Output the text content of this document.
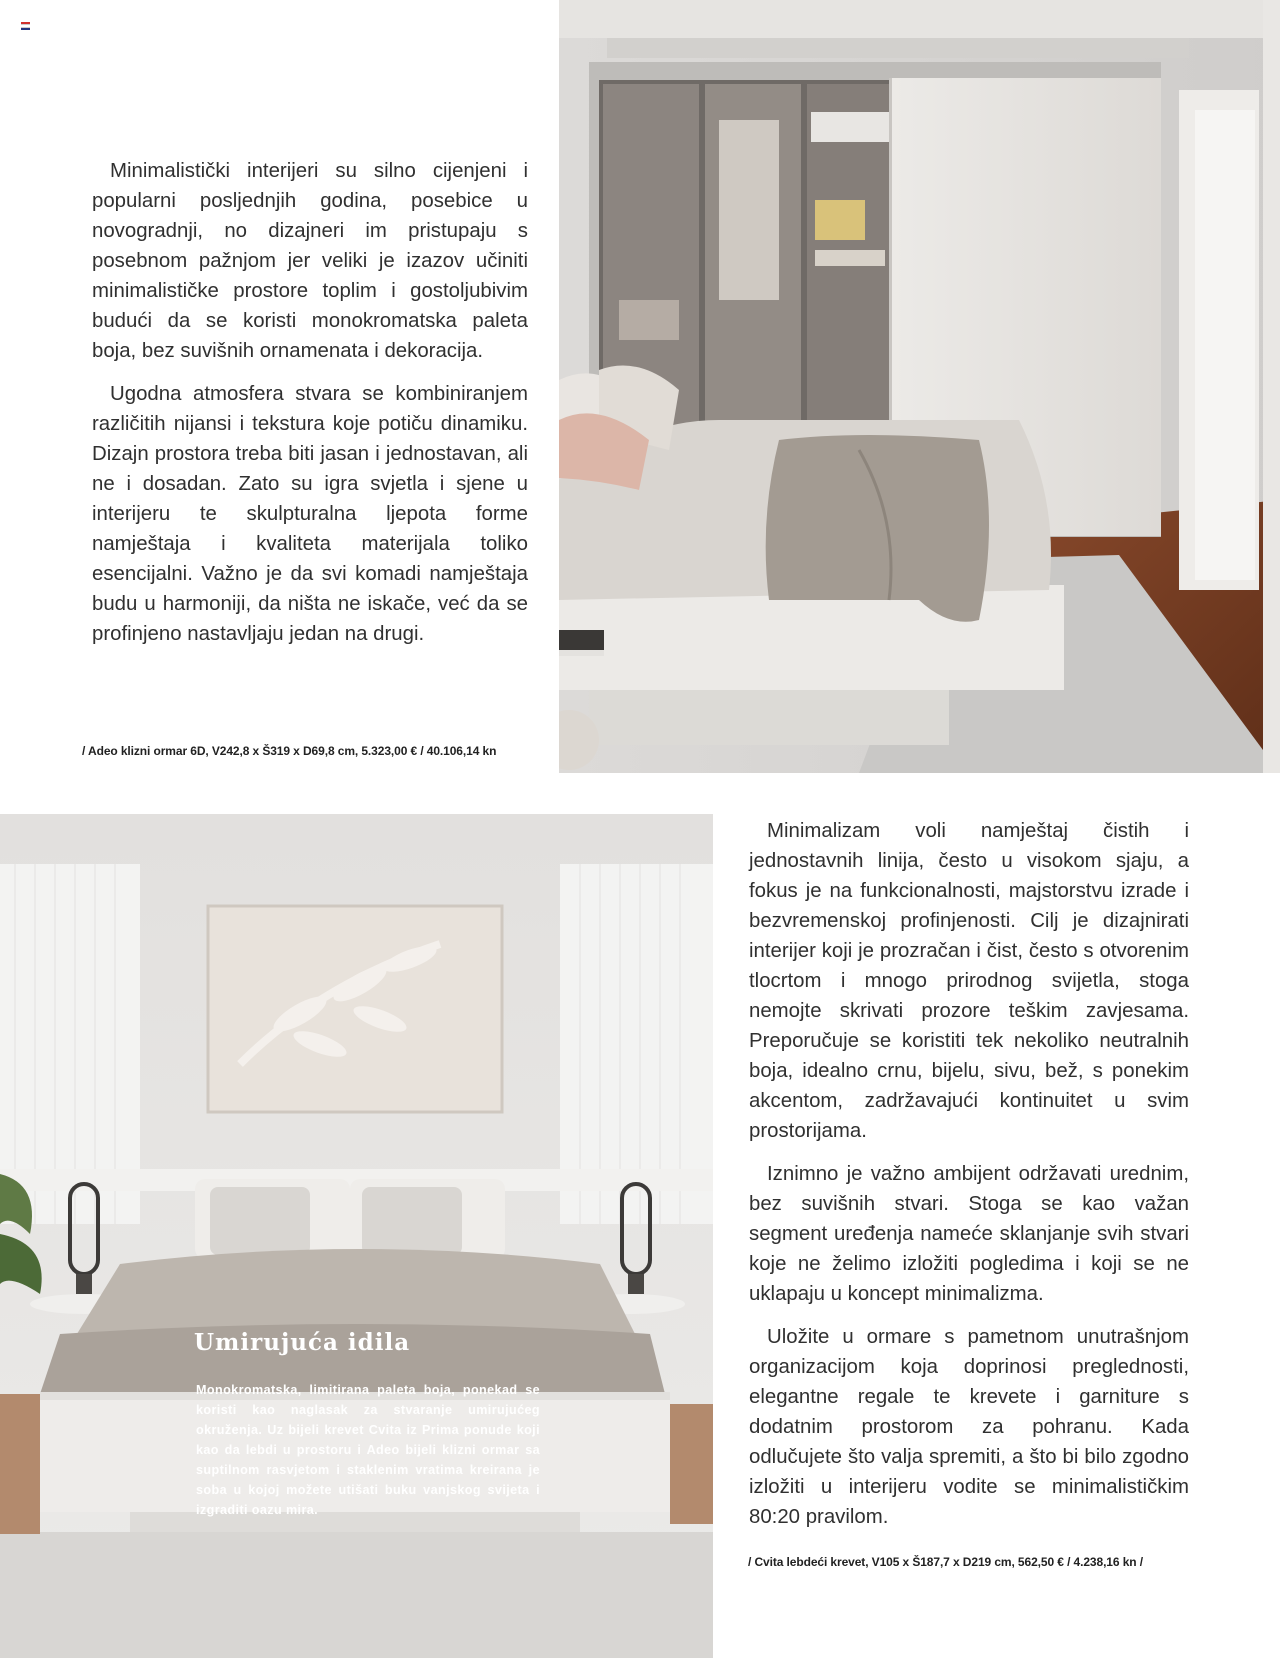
Minimalistički interijeri su silno cijenjeni i popularni posljednjih godina, posebice u novogradnji, no dizajneri im pristupaju s posebnom pažnjom jer veliki je izazov učiniti minimalističke prostore toplim i gostoljubivim budući da se koristi monokromatska paleta boja, bez suvišnih ornamenata i dekoracija.

Ugodna atmosfera stvara se kombiniranjem različitih nijansi i tekstura koje potiču dinamiku. Dizajn prostora treba biti jasan i jednostavan, ali ne i dosadan. Zato su igra svjetla i sjene u interijeru te skulpturalna ljepota forme namještaja i kvaliteta materijala toliko esencijalni. Važno je da svi komadi namještaja budu u harmoniji, da ništa ne iskače, već da se profinjeno nastavljaju jedan na drugi.

/ Adeo klizni ormar 6D, V242,8 x Š319 x D69,8 cm, 5.323,00 € / 40.106,14 kn
Umirujuća idila
Monokromatska, limitirana paleta boja, ponekad se koristi kao naglasak za stvaranje umirujućeg okruženja. Uz bijeli krevet Cvita iz Prima ponude koji kao da lebdi u prostoru i Adeo bijeli klizni ormar sa suptilnom rasvjetom i staklenim vratima kreirana je soba u kojoj možete utišati buku vanjskog svijeta i izgraditi oazu mira.

Minimalizam voli namještaj čistih i jednostavnih linija, često u visokom sjaju, a fokus je na funkcionalnosti, majstorstvu izrade i bezvremenskoj profinjenosti. Cilj je dizajnirati interijer koji je prozračan i čist, često s otvorenim tlocrtom i mnogo prirodnog svijetla, stoga nemojte skrivati prozore teškim zavjesama. Preporučuje se koristiti tek nekoliko neutralnih boja, idealno crnu, bijelu, sivu, bež, s ponekim akcentom, zadržavajući kontinuitet u svim prostorijama.

Iznimno je važno ambijent održavati urednim, bez suvišnih stvari. Stoga se kao važan segment uređenja nameće sklanjanje svih stvari koje ne želimo izložiti pogledima i koji se ne uklapaju u koncept minimalizma.

Uložite u ormare s pametnom unutrašnjom organizacijom koja doprinosi preglednosti, elegantne regale te krevete i garniture s dodatnim prostorom za pohranu. Kada odlučujete što valja spremiti, a što bi bilo zgodno izložiti u interijeru vodite se minimalističkim 80:20 pravilom.

/ Cvita lebdeći krevet, V105 x Š187,7 x D219 cm, 562,50 € / 4.238,16 kn /
